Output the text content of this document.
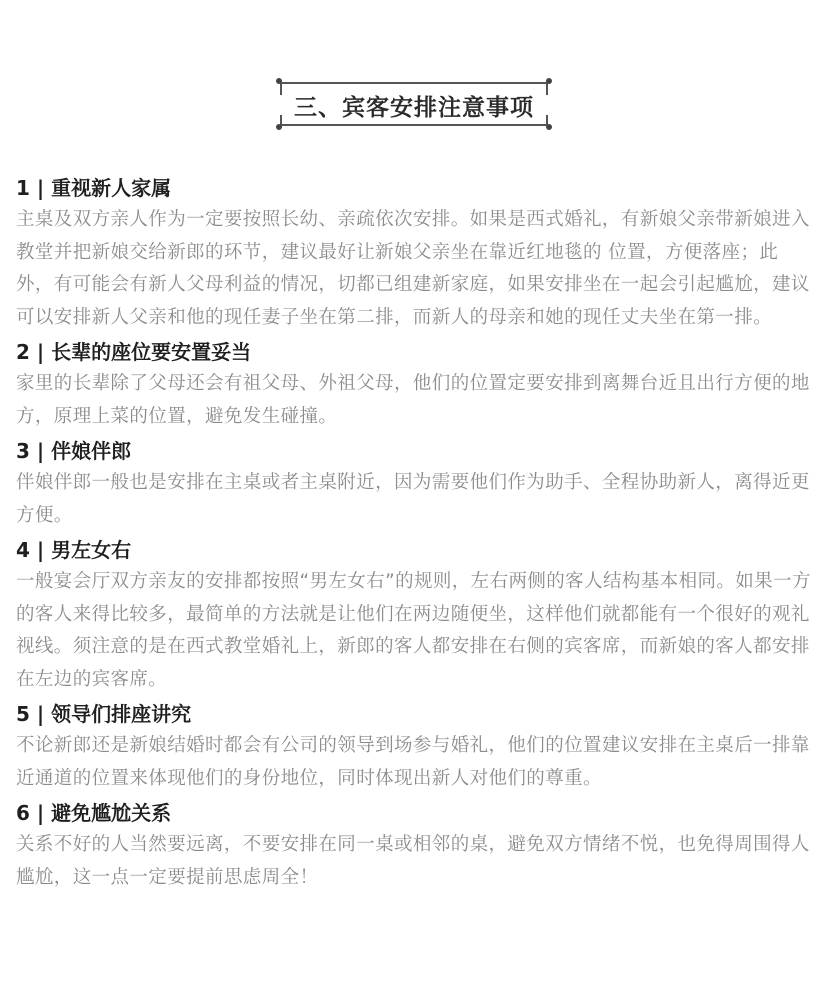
三、宾客安排注意事项

1 | 重视新人家属

主桌及双方亲人作为一定要按照长幼、亲疏依次安排。如果是西式婚礼，有新娘父亲带新娘进入教堂并把新娘交给新郎的环节，建议最好让新娘父亲坐在靠近红地毯的 位置，方便落座；此外，有可能会有新人父母利益的情况，切都已组建新家庭，如果安排坐在一起会引起尴尬，建议可以安排新人父亲和他的现任妻子坐在第二排，而新人的母亲和她的现任丈夫坐在第一排。

2 | 长辈的座位要安置妥当

家里的长辈除了父母还会有祖父母、外祖父母，他们的位置定要安排到离舞台近且出行方便的地方，原理上菜的位置，避免发生碰撞。

3 | 伴娘伴郎

伴娘伴郎一般也是安排在主桌或者主桌附近，因为需要他们作为助手、全程协助新人，离得近更方便。

4 | 男左女右

一般宴会厅双方亲友的安排都按照“男左女右”的规则，左右两侧的客人结构基本相同。如果一方的客人来得比较多，最简单的方法就是让他们在两边随便坐，这样他们就都能有一个很好的观礼视线。须注意的是在西式教堂婚礼上，新郎的客人都安排在右侧的宾客席，而新娘的客人都安排在左边的宾客席。

5 | 领导们排座讲究

不论新郎还是新娘结婚时都会有公司的领导到场参与婚礼，他们的位置建议安排在主桌后一排靠近通道的位置来体现他们的身份地位，同时体现出新人对他们的尊重。

6 | 避免尴尬关系

关系不好的人当然要远离，不要安排在同一桌或相邻的桌，避免双方情绪不悦，也免得周围得人尴尬，这一点一定要提前思虑周全！
